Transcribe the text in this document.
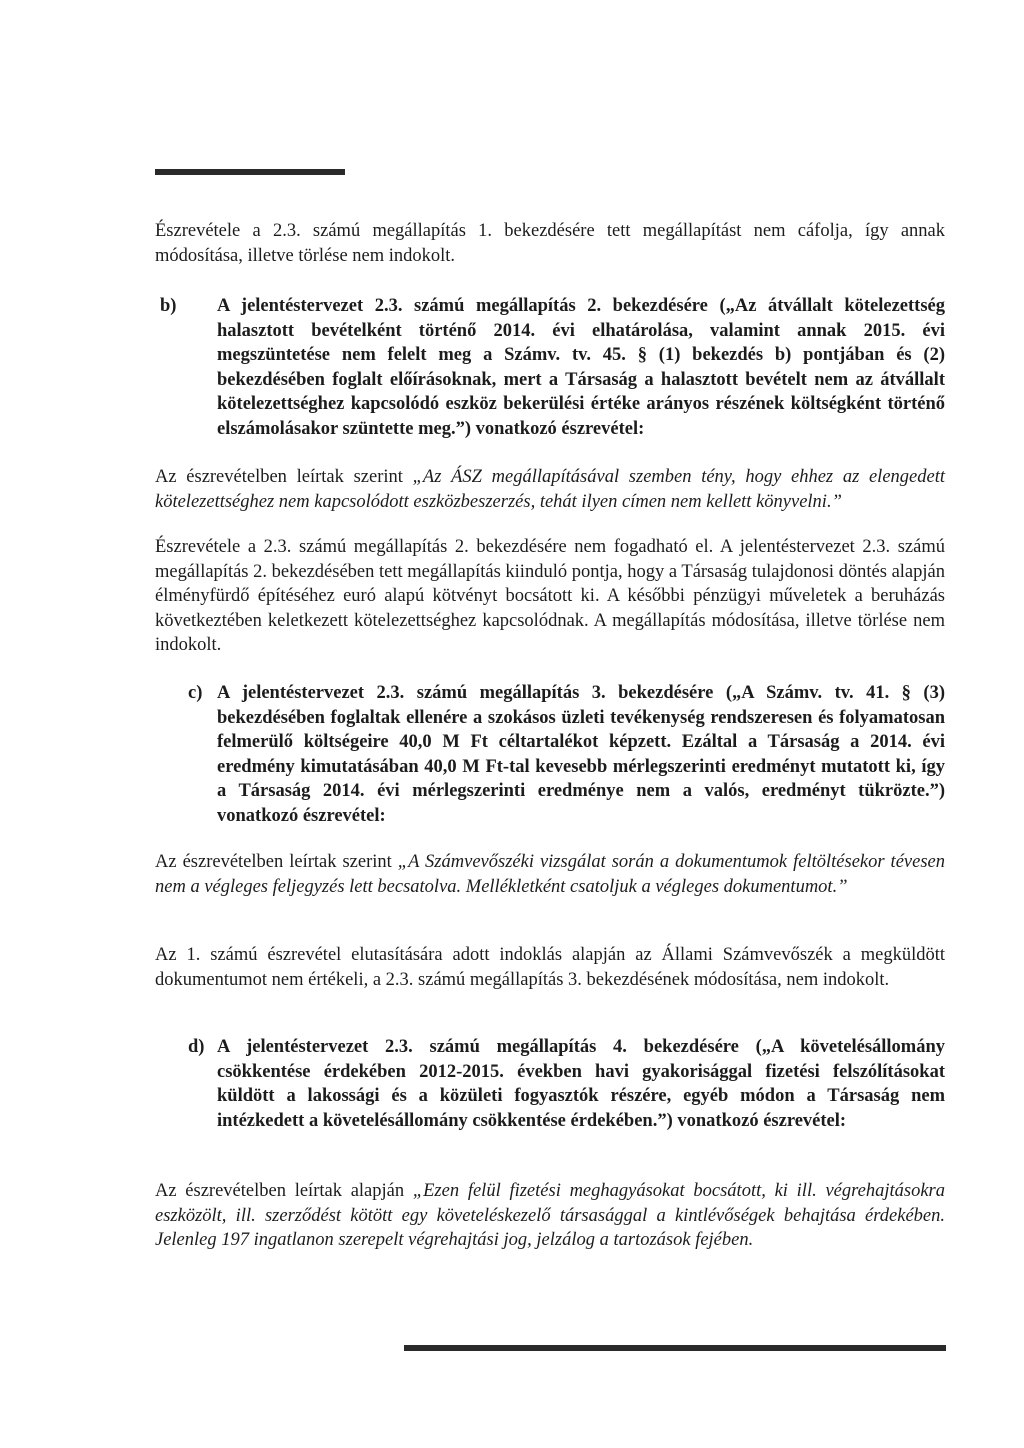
Észrevétele a 2.3. számú megállapítás 1. bekezdésére tett megállapítást nem cáfolja, így annak módosítása, illetve törlése nem indokolt.

b) A jelentéstervezet 2.3. számú megállapítás 2. bekezdésére („Az átvállalt kötelezettség halasztott bevételként történő 2014. évi elhatárolása, valamint annak 2015. évi megszüntetése nem felelt meg a Számv. tv. 45. § (1) bekezdés b) pontjában és (2) bekezdésében foglalt előírásoknak, mert a Társaság a halasztott bevételt nem az átvállalt kötelezettséghez kapcsolódó eszköz bekerülési értéke arányos részének költségként történő elszámolásakor szüntette meg.”) vonatkozó észrevétel:

Az észrevételben leírtak szerint „Az ÁSZ megállapításával szemben tény, hogy ehhez az elengedett kötelezettséghez nem kapcsolódott eszközbeszerzés, tehát ilyen címen nem kellett könyvelni.”

Észrevétele a 2.3. számú megállapítás 2. bekezdésére nem fogadható el. A jelentéstervezet 2.3. számú megállapítás 2. bekezdésében tett megállapítás kiinduló pontja, hogy a Társaság tulajdonosi döntés alapján élményfürdő építéséhez euró alapú kötvényt bocsátott ki. A későbbi pénzügyi műveletek a beruházás következtében keletkezett kötelezettséghez kapcsolódnak. A megállapítás módosítása, illetve törlése nem indokolt.

c) A jelentéstervezet 2.3. számú megállapítás 3. bekezdésére („A Számv. tv. 41. § (3) bekezdésében foglaltak ellenére a szokásos üzleti tevékenység rendszeresen és folyamatosan felmerülő költségeire 40,0 M Ft céltartalékot képzett. Ezáltal a Társaság a 2014. évi eredmény kimutatásában 40,0 M Ft-tal kevesebb mérlegszerinti eredményt mutatott ki, így a Társaság 2014. évi mérlegszerinti eredménye nem a valós, eredményt tükrözte.”) vonatkozó észrevétel:

Az észrevételben leírtak szerint „A Számvevőszéki vizsgálat során a dokumentumok feltöltésekor tévesen nem a végleges feljegyzés lett becsatolva. Mellékletként csatoljuk a végleges dokumentumot.”

Az 1. számú észrevétel elutasítására adott indoklás alapján az Állami Számvevőszék a megküldött dokumentumot nem értékeli, a 2.3. számú megállapítás 3. bekezdésének módosítása, nem indokolt.

d) A jelentéstervezet 2.3. számú megállapítás 4. bekezdésére („A követelésállomány csökkentése érdekében 2012-2015. években havi gyakorisággal fizetési felszólításokat küldött a lakossági és a közületi fogyasztók részére, egyéb módon a Társaság nem intézkedett a követelésállomány csökkentése érdekében.”) vonatkozó észrevétel:

Az észrevételben leírtak alapján „Ezen felül fizetési meghagyásokat bocsátott, ki ill. végrehajtásokra eszközölt, ill. szerződést kötött egy követeléskezelő társasággal a kintlévőségek behajtása érdekében. Jelenleg 197 ingatlanon szerepelt végrehajtási jog, jelzálog a tartozások fejében.
